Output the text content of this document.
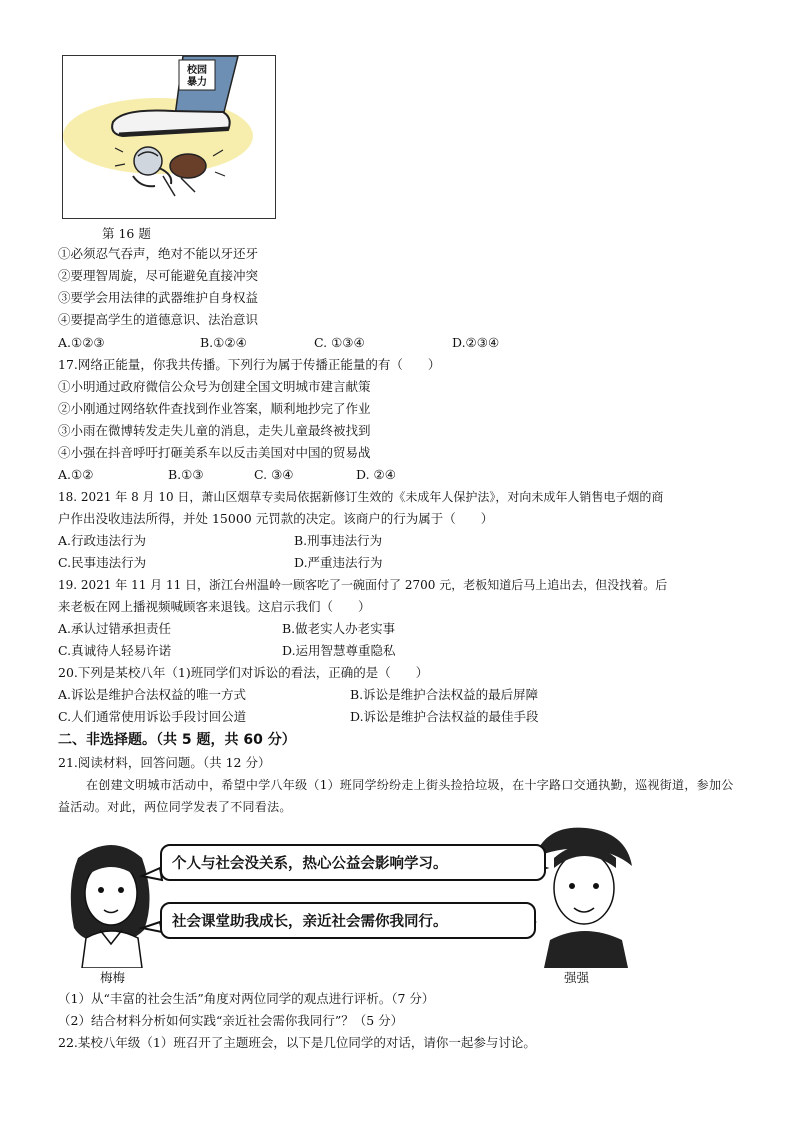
校园
暴力
第 16 题
①必须忍气吞声，绝对不能以牙还牙
②要理智周旋，尽可能避免直接冲突
③要学会用法律的武器维护自身权益
④要提高学生的道德意识、法治意识
A.①②③	B.①②④	C. ①③④	D.②③④
17.网络正能量，你我共传播。下列行为属于传播正能量的有（　　）
①小明通过政府微信公众号为创建全国文明城市建言献策
②小刚通过网络软件查找到作业答案，顺利地抄完了作业
③小雨在微博转发走失儿童的消息，走失儿童最终被找到
④小强在抖音呼吁打砸美系车以反击美国对中国的贸易战
A.①②	B.①③	C. ③④	D. ②④
18. 2021 年 8 月 10 日，萧山区烟草专卖局依据新修订生效的《未成年人保护法》，对向未成年人销售电子烟的商
户作出没收违法所得，并处 15000 元罚款的决定。该商户的行为属于（　　）
A.行政违法行为	B.刑事违法行为
C.民事违法行为	D.严重违法行为
19. 2021 年 11 月 11 日，浙江台州温岭一顾客吃了一碗面付了 2700 元，老板知道后马上追出去，但没找着。后
来老板在网上播视频喊顾客来退钱。这启示我们（　　）
A.承认过错承担责任	B.做老实人办老实事
C.真诚待人轻易许诺	D.运用智慧尊重隐私
20.下列是某校八年（1)班同学们对诉讼的看法，正确的是（　　）
A.诉讼是维护合法权益的唯一方式	B.诉讼是维护合法权益的最后屏障
C.人们通常使用诉讼手段讨回公道	D.诉讼是维护合法权益的最佳手段
二、非选择题。（共 5 题，共 60 分）
21.阅读材料，回答问题。（共 12 分）
在创建文明城市活动中，希望中学八年级（1）班同学纷纷走上街头捡拾垃圾，在十字路口交通执勤，巡视街道，参加公益活动。对此，两位同学发表了不同看法。
个人与社会没关系，热心公益会影响学习。
社会课堂助我成长，亲近社会需你我同行。
梅梅	强强
（1）从“丰富的社会生活”角度对两位同学的观点进行评析。（7 分）
（2）结合材料分析如何实践“亲近社会需你我同行”？（5 分）
22.某校八年级（1）班召开了主题班会，以下是几位同学的对话，请你一起参与讨论。
